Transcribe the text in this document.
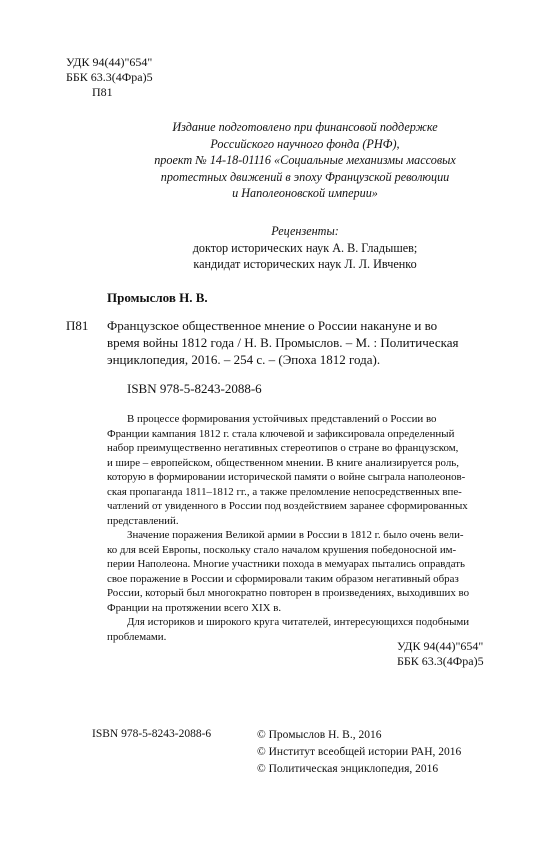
УДК 94(44)"654"
ББК 63.3(4Фра)5
П81
Издание подготовлено при финансовой поддержке
Российского научного фонда (РНФ),
проект № 14-18-01116 «Социальные механизмы массовых
протестных движений в эпоху Французской революции
и Наполеоновской империи»
Рецензенты:
доктор исторических наук А. В. Гладышев;
кандидат исторических наук Л. Л. Ивченко
Промыслов Н. В.
П81 Французское общественное мнение о России накануне и во
время войны 1812 года / Н. В. Промыслов. – М. : Политическая
энциклопедия, 2016. – 254 с. – (Эпоха 1812 года).
ISBN 978-5-8243-2088-6
В процессе формирования устойчивых представлений о России во
Франции кампания 1812 г. стала ключевой и зафиксировала определенный
набор преимущественно негативных стереотипов о стране во французском,
и шире – европейском, общественном мнении. В книге анализируется роль,
которую в формировании исторической памяти о войне сыграла наполеонов-
ская пропаганда 1811–1812 гг., а также преломление непосредственных впе-
чатлений от увиденного в России под воздействием заранее сформированных
представлений.
Значение поражения Великой армии в России в 1812 г. было очень вели-
ко для всей Европы, поскольку стало началом крушения победоносной им-
перии Наполеона. Многие участники похода в мемуарах пытались оправдать
свое поражение в России и сформировали таким образом негативный образ
России, который был многократно повторен в произведениях, выходивших во
Франции на протяжении всего XIX в.
Для историков и широкого круга читателей, интересующихся подобными
проблемами.
УДК 94(44)"654"
ББК 63.3(4Фра)5
ISBN 978-5-8243-2088-6	© Промыслов Н. В., 2016
© Институт всеобщей истории РАН, 2016
© Политическая энциклопедия, 2016
